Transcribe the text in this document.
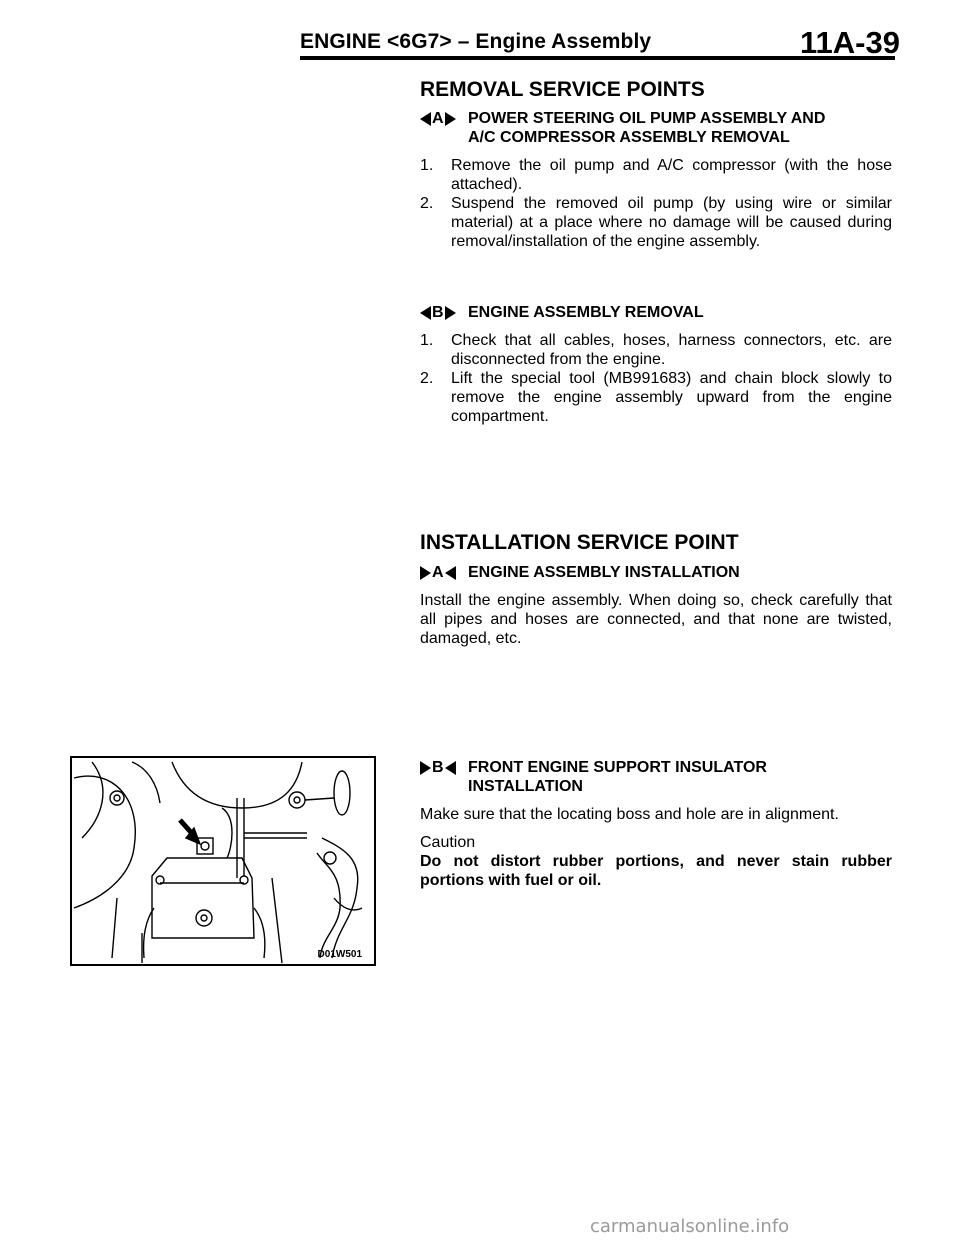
ENGINE <6G7> – Engine Assembly	11A-39
REMOVAL SERVICE POINTS
A POWER STEERING OIL PUMP ASSEMBLY AND
A/C COMPRESSOR ASSEMBLY REMOVAL
1. Remove the oil pump and A/C compressor (with the hose attached).
2. Suspend the removed oil pump (by using wire or similar material) at a place where no damage will be caused during removal/installation of the engine assembly.
B ENGINE ASSEMBLY REMOVAL
1. Check that all cables, hoses, harness connectors, etc. are disconnected from the engine.
2. Lift the special tool (MB991683) and chain block slowly to remove the engine assembly upward from the engine compartment.
INSTALLATION SERVICE POINT
A ENGINE ASSEMBLY INSTALLATION
Install the engine assembly. When doing so, check carefully that all pipes and hoses are connected, and that none are twisted, damaged, etc.
B FRONT ENGINE SUPPORT INSULATOR
INSTALLATION
Make sure that the locating boss and hole are in alignment.
Caution
Do not distort rubber portions, and never stain rubber portions with fuel or oil.
D01W501
carmanualsonline.info
